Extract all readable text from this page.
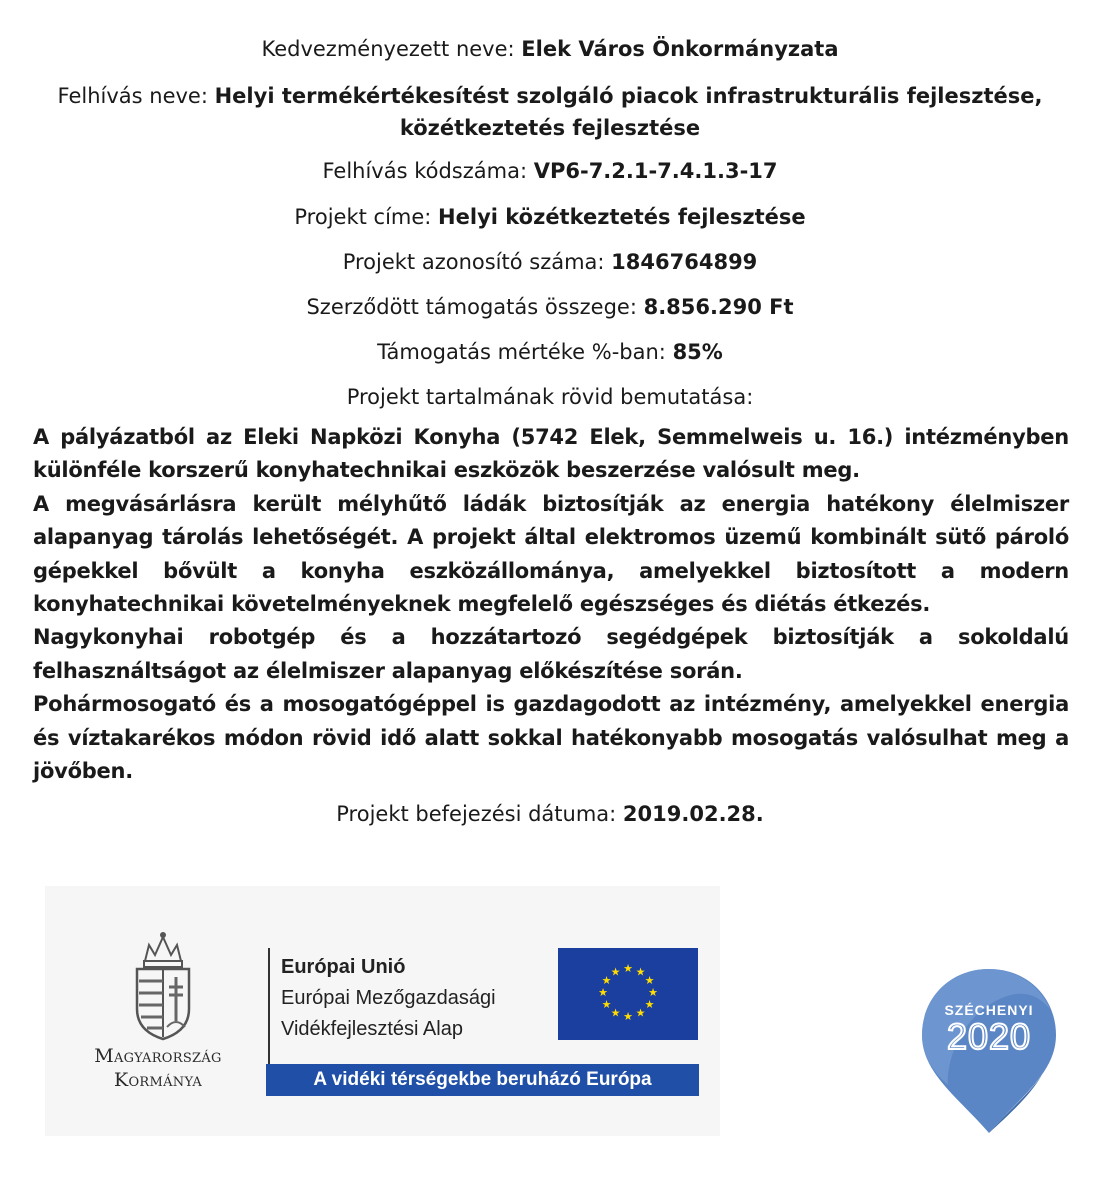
Kedvezményezett neve: Elek Város Önkormányzata
Felhívás neve: Helyi termékértékesítést szolgáló piacok infrastrukturális fejlesztése,
közétkeztetés fejlesztése
Felhívás kódszáma: VP6-7.2.1-7.4.1.3-17
Projekt címe: Helyi közétkeztetés fejlesztése
Projekt azonosító száma: 1846764899
Szerződött támogatás összege: 8.856.290 Ft
Támogatás mértéke %-ban: 85%
Projekt tartalmának rövid bemutatása:

A pályázatból az Eleki Napközi Konyha (5742 Elek, Semmelweis u. 16.) intézményben különféle korszerű konyhatechnikai eszközök beszerzése valósult meg.

A megvásárlásra került mélyhűtő ládák biztosítják az energia hatékony élelmiszer alapanyag tárolás lehetőségét. A projekt által elektromos üzemű kombinált sütő pároló gépekkel bővült a konyha eszközállománya, amelyekkel biztosított a modern konyhatechnikai követelményeknek megfelelő egészséges és diétás étkezés.

Nagykonyhai robotgép és a hozzátartozó segédgépek biztosítják a sokoldalú felhasználtságot az élelmiszer alapanyag előkészítése során.

Pohármosogató és a mosogatógéppel is gazdagodott az intézmény, amelyekkel energia és víztakarékos módon rövid idő alatt sokkal hatékonyabb mosogatás valósulhat meg a jövőben.

Projekt befejezési dátuma: 2019.02.28.
Magyarország
Kormánya
Európai Unió
Európai Mezőgazdasági
Vidékfejlesztési Alap
★ ★
★
★
★
★
★
★
★
★
★
★
A vidéki térségekbe beruházó Európa
SZÉCHENYI
2020
